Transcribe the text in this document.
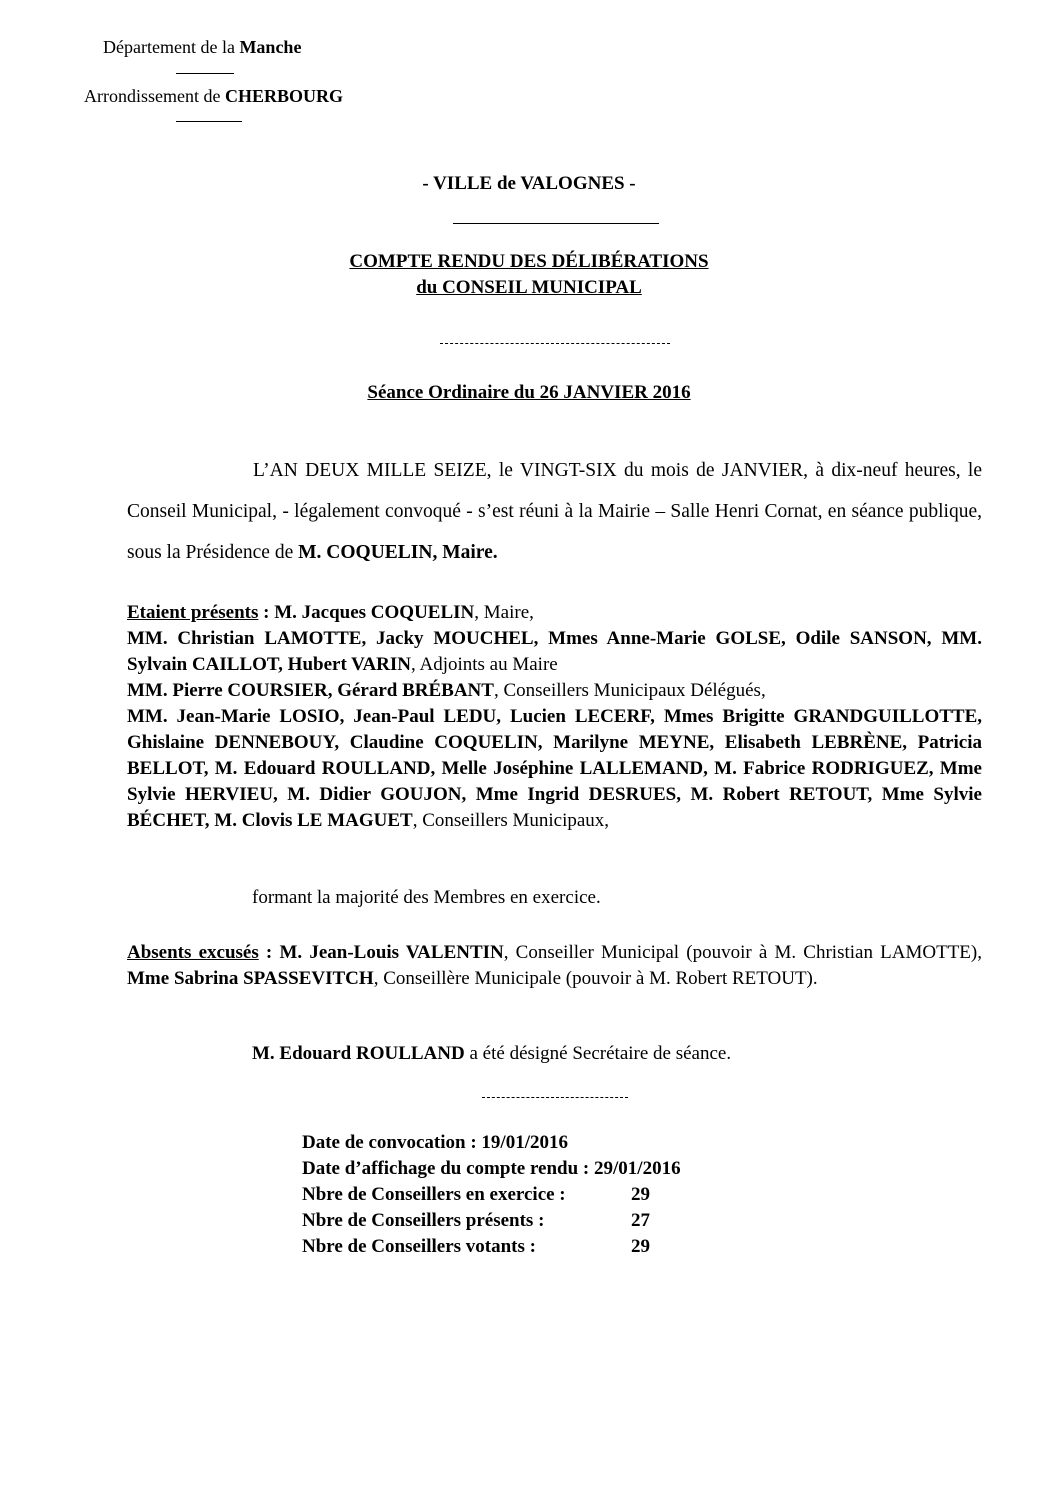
Département de la Manche
Arrondissement de CHERBOURG
- VILLE de VALOGNES -
COMPTE RENDU DES DÉLIBÉRATIONS
du CONSEIL MUNICIPAL
Séance Ordinaire du 26 JANVIER 2016
L’AN DEUX MILLE SEIZE, le VINGT-SIX du mois de JANVIER, à dix-neuf heures, le Conseil Municipal, - légalement convoqué - s’est réuni à la Mairie – Salle Henri Cornat, en séance publique, sous la Présidence de M. COQUELIN, Maire.
Etaient présents : M. Jacques COQUELIN, Maire,
MM. Christian LAMOTTE, Jacky MOUCHEL, Mmes Anne-Marie GOLSE, Odile SANSON, MM. Sylvain CAILLOT, Hubert VARIN, Adjoints au Maire
MM. Pierre COURSIER, Gérard BRÉBANT, Conseillers Municipaux Délégués,
MM. Jean-Marie LOSIO, Jean-Paul LEDU, Lucien LECERF, Mmes Brigitte GRANDGUILLOTTE, Ghislaine DENNEBOUY, Claudine COQUELIN, Marilyne MEYNE, Elisabeth LEBRÈNE, Patricia BELLOT, M. Edouard ROULLAND, Melle Joséphine LALLEMAND, M. Fabrice RODRIGUEZ, Mme Sylvie HERVIEU, M. Didier GOUJON, Mme Ingrid DESRUES, M. Robert RETOUT, Mme Sylvie BÉCHET, M. Clovis LE MAGUET, Conseillers Municipaux,
formant la majorité des Membres en exercice.
Absents excusés : M. Jean-Louis VALENTIN, Conseiller Municipal (pouvoir à M. Christian LAMOTTE), Mme Sabrina SPASSEVITCH, Conseillère Municipale (pouvoir à M. Robert RETOUT).
M. Edouard ROULLAND a été désigné Secrétaire de séance.
Date de convocation : 19/01/2016
Date d’affichage du compte rendu : 29/01/2016
Nbre de Conseillers en exercice :	29
Nbre de Conseillers présents :	27
Nbre de Conseillers votants :	29
